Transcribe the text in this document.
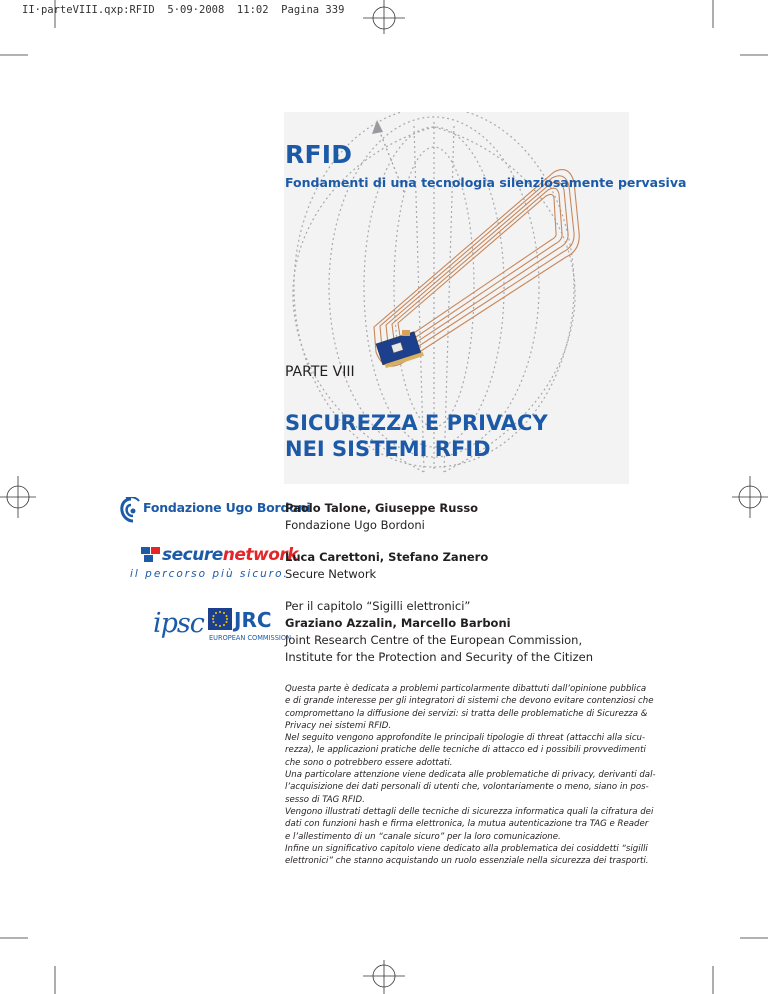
II·parteVIII.qxp:RFID  5·09·2008  11:02  Pagina 339
RFID
Fondamenti di una tecnologia silenziosamente pervasiva
PARTE VIII
SICUREZZA E PRIVACY
NEI SISTEMI RFID
Fondazione Ugo Bordoni
securenetwork
il percorso più sicuro.
ipsc JRC
EUROPEAN COMMISSION
Paolo Talone, Giuseppe Russo
Fondazione Ugo Bordoni
Luca Carettoni, Stefano Zanero
Secure Network
Per il capitolo “Sigilli elettronici”
Graziano Azzalin, Marcello Barboni
Joint Research Centre of the European Commission,
Institute for the Protection and Security of the Citizen

Questa parte è dedicata a problemi particolarmente dibattuti dall’opinione pubblica

e di grande interesse per gli integratori di sistemi che devono evitare contenziosi che

compromettano la diffusione dei servizi: si tratta delle problematiche di Sicurezza &

Privacy nei sistemi RFID.

Nel seguito vengono approfondite le principali tipologie di threat (attacchi alla sicu-

rezza), le applicazioni pratiche delle tecniche di attacco ed i possibili provvedimenti

che sono o potrebbero essere adottati.

Una particolare attenzione viene dedicata alle problematiche di privacy, derivanti dal-

l’acquisizione dei dati personali di utenti che, volontariamente o meno, siano in pos-

sesso di TAG RFID.

Vengono illustrati dettagli delle tecniche di sicurezza informatica quali la cifratura dei

dati con funzioni hash e firma elettronica, la mutua autenticazione tra TAG e Reader

e l’allestimento di un “canale sicuro” per la loro comunicazione.

Infine un significativo capitolo viene dedicato alla problematica dei cosiddetti “sigilli

elettronici” che stanno acquistando un ruolo essenziale nella sicurezza dei trasporti.
